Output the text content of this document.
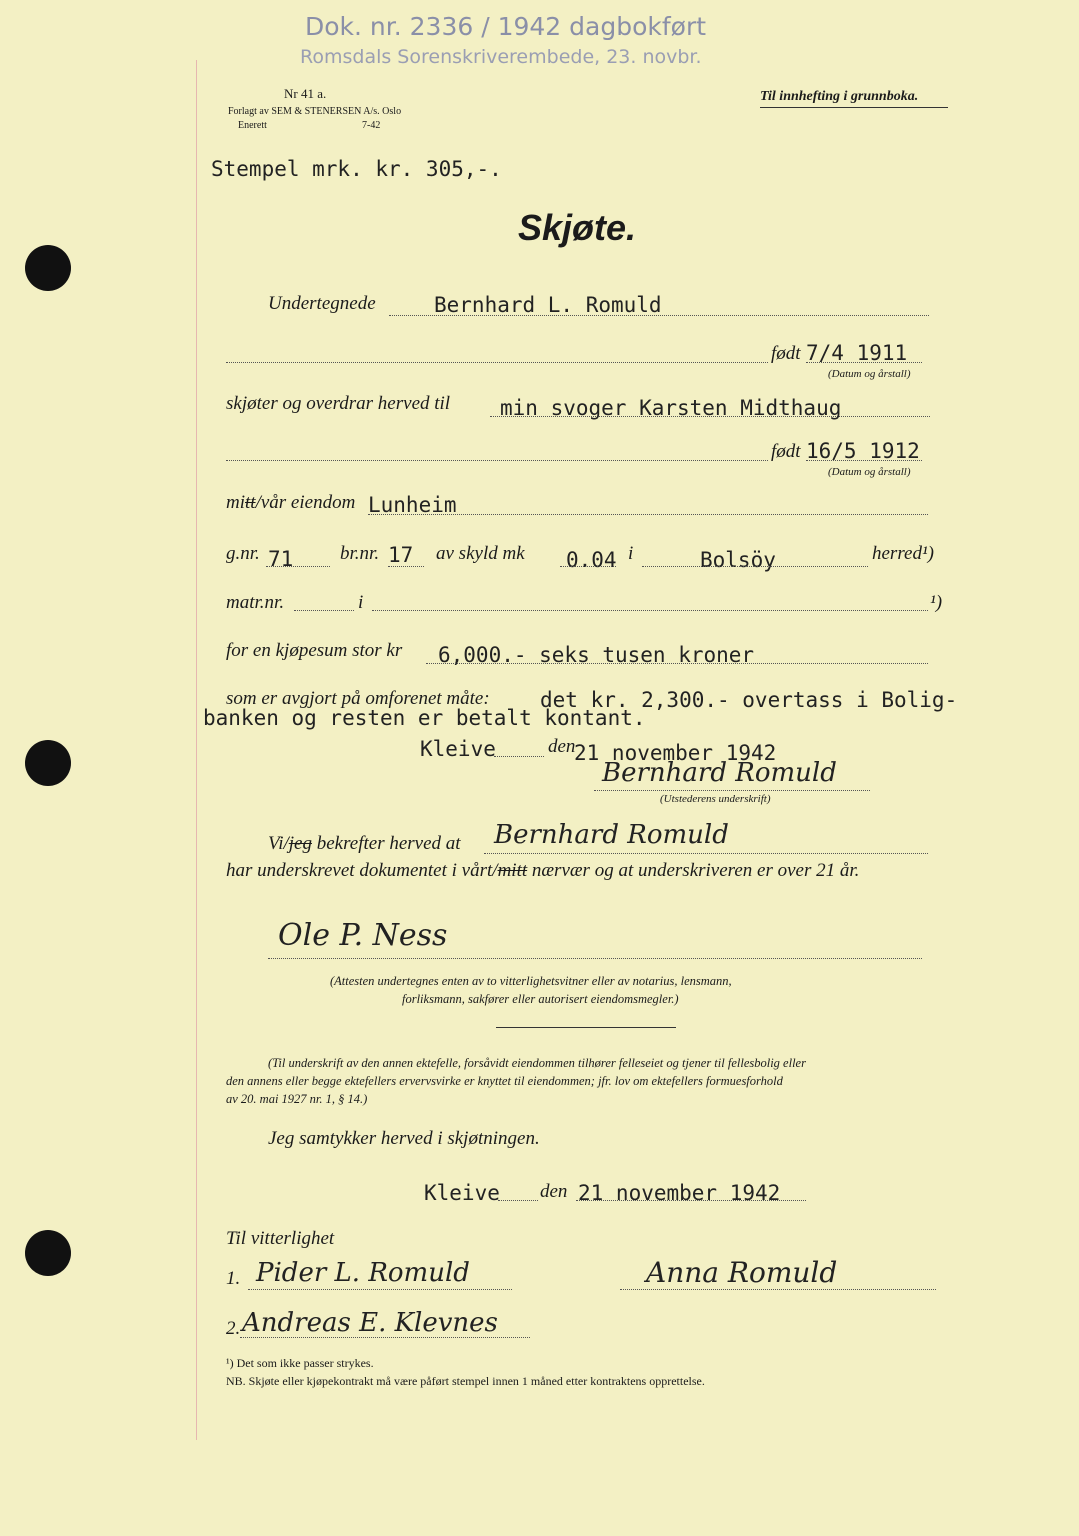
Dok. nr. 2336 / 1942 dagbokført
Romsdals Sorenskriverembede, 23. novbr.
Nr 41 a.
Forlagt av SEM & STENERSEN A/s. Oslo
Enerett	7-42
Til innhefting i grunnboka.
Stempel mrk. kr. 305,-.
Skjøte.
Undertegnede	Bernhard L. Romuld
født 7/4 1911
(Datum og årstall)
skjøter og overdrar herved til min svoger Karsten Midthaug
født 16/5 1912
(Datum og årstall)
mitt/vår eiendom Lunheim
g.nr. 71 br.nr. 17 av skyld mk 0.04 i	Bolsöy	herred¹)
matr.nr.	i	¹)
for en kjøpesum stor kr 6,000.- seks tusen kroner
som er avgjort på omforenet måte: det kr. 2,300.- overtass i Bolig-
banken og resten er betalt kontant.
Kleive	den
21 november 1942
Bernhard Romuld
(Utstederens underskrift)
Vi/jeg bekrefter herved at Bernhard Romuld
har underskrevet dokumentet i vårt/mitt nærvær og at underskriveren er over 21 år.
Ole P. Ness
(Attesten undertegnes enten av to vitterlighetsvitner eller av notarius, lensmann,
forliksmann, sakfører eller autorisert eiendomsmegler.)
(Til underskrift av den annen ektefelle, forsåvidt eiendommen tilhører felleseiet og tjener til fellesbolig eller
den annens eller begge ektefellers ervervsvirke er knyttet til eiendommen; jfr. lov om ektefellers formuesforhold
av 20. mai 1927 nr. 1, § 14.)
Jeg samtykker herved i skjøtningen.
Kleive den 21 november 1942
Til vitterlighet
1. Pider L. Romuld	Anna Romuld
2. Andreas E. Klevnes
¹) Det som ikke passer strykes.
NB. Skjøte eller kjøpekontrakt må være påført stempel innen 1 måned etter kontraktens opprettelse.
